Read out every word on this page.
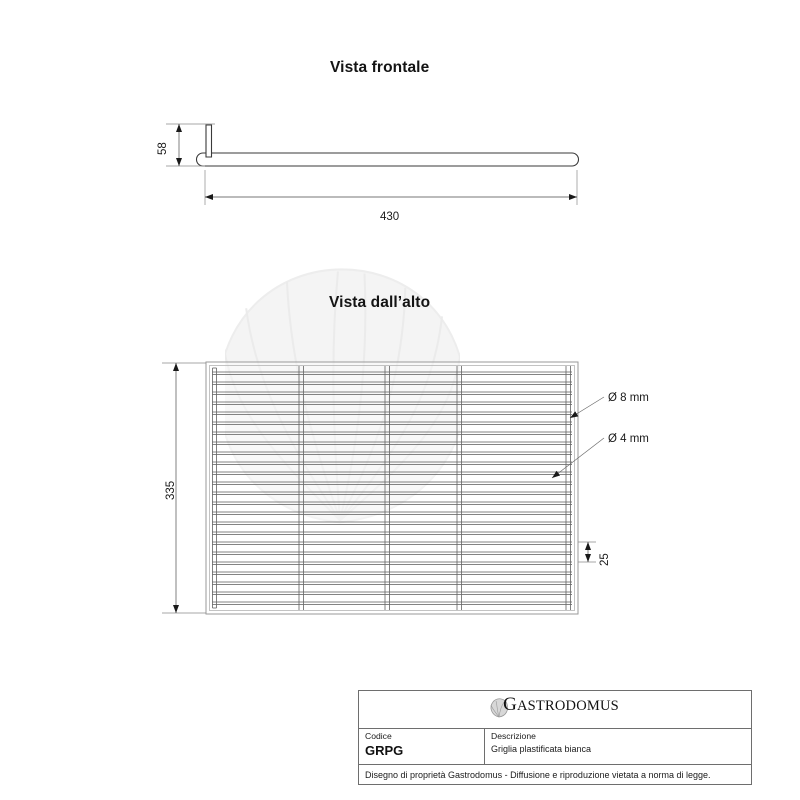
Vista frontale
Vista dall’alto
58
430
335
25
Ø 8 mm
Ø 4 mm
GASTRODOMUS
Codice
GRPG
Descrizione
Griglia plastificata bianca
Disegno di proprietà Gastrodomus - Diffusione e riproduzione vietata a norma di legge.
